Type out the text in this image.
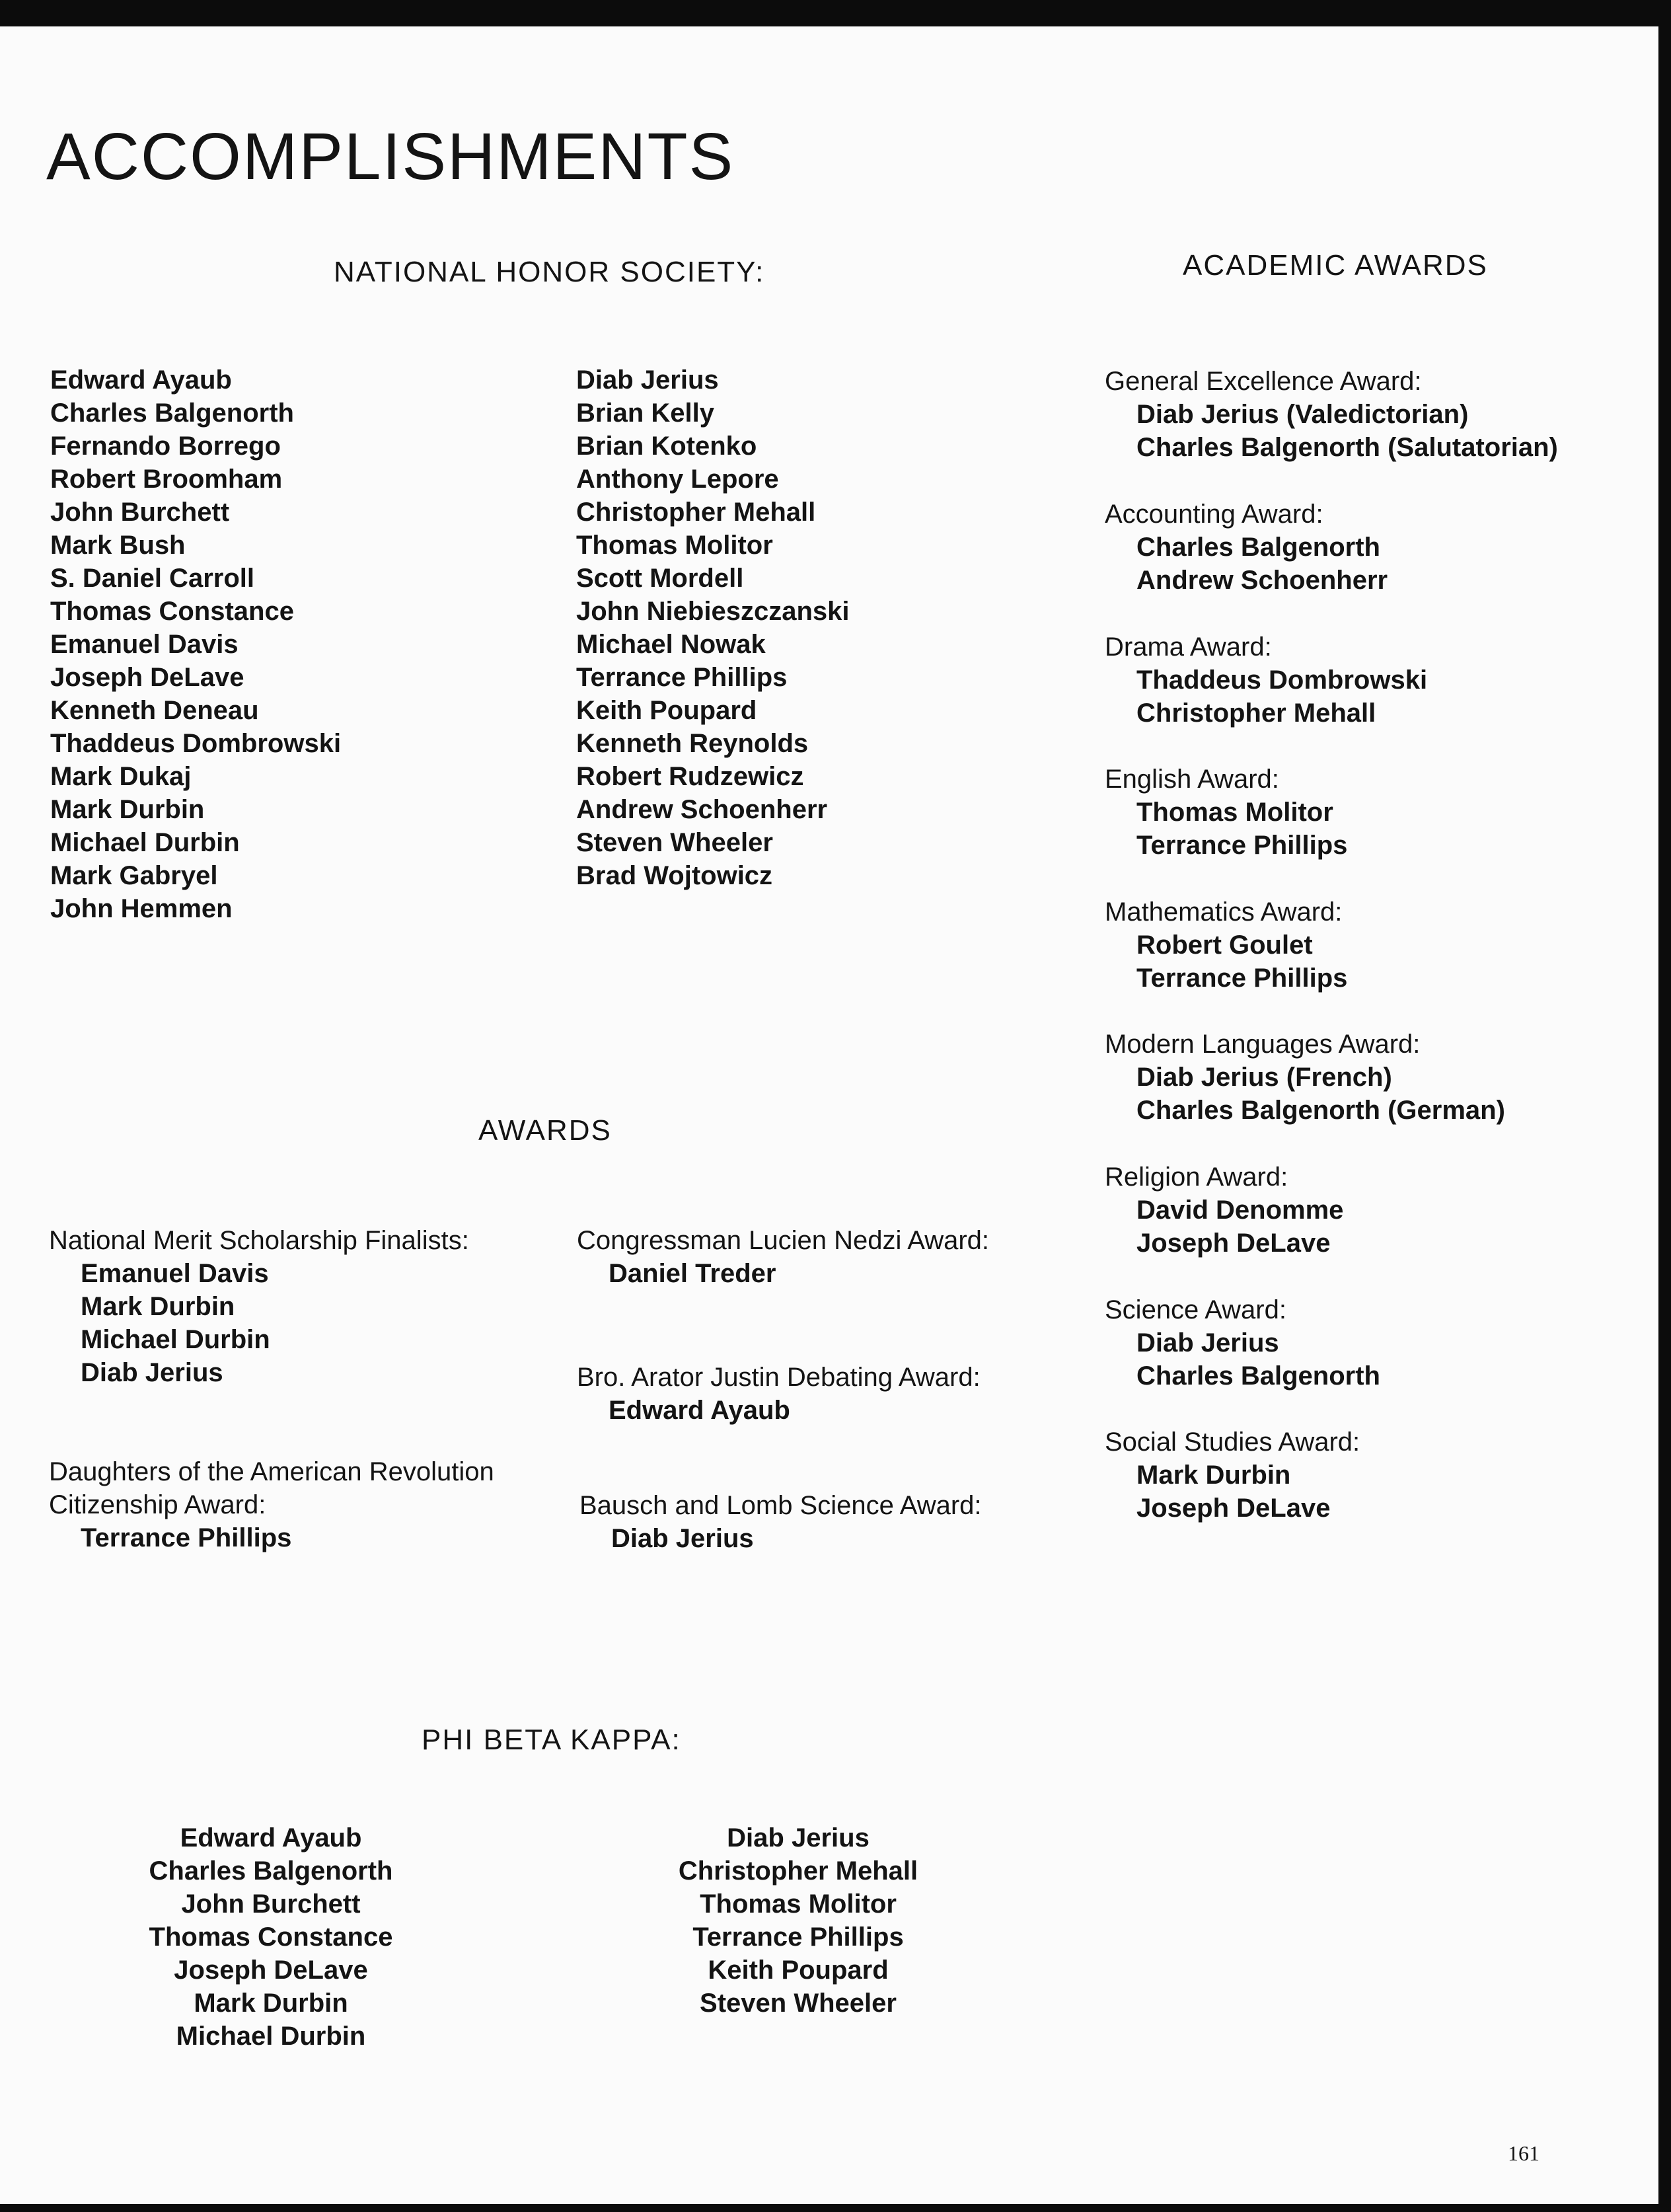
ACCOMPLISHMENTS
NATIONAL HONOR SOCIETY:
Edward Ayaub
Charles Balgenorth
Fernando Borrego
Robert Broomham
John Burchett
Mark Bush
S. Daniel Carroll
Thomas Constance
Emanuel Davis
Joseph DeLave
Kenneth Deneau
Thaddeus Dombrowski
Mark Dukaj
Mark Durbin
Michael Durbin
Mark Gabryel
John Hemmen
Diab Jerius
Brian Kelly
Brian Kotenko
Anthony Lepore
Christopher Mehall
Thomas Molitor
Scott Mordell
John Niebieszczanski
Michael Nowak
Terrance Phillips
Keith Poupard
Kenneth Reynolds
Robert Rudzewicz
Andrew Schoenherr
Steven Wheeler
Brad Wojtowicz
ACADEMIC AWARDS
General Excellence Award:
Diab Jerius (Valedictorian)
Charles Balgenorth (Salutatorian)
Accounting Award:
Charles Balgenorth
Andrew Schoenherr
Drama Award:
Thaddeus Dombrowski
Christopher Mehall
English Award:
Thomas Molitor
Terrance Phillips
Mathematics Award:
Robert Goulet
Terrance Phillips
Modern Languages Award:
Diab Jerius (French)
Charles Balgenorth (German)
Religion Award:
David Denomme
Joseph DeLave
Science Award:
Diab Jerius
Charles Balgenorth
Social Studies Award:
Mark Durbin
Joseph DeLave
AWARDS
National Merit Scholarship Finalists:
Emanuel Davis
Mark Durbin
Michael Durbin
Diab Jerius
Daughters of the American Revolution
Citizenship Award:
Terrance Phillips
Congressman Lucien Nedzi Award:
Daniel Treder
Bro. Arator Justin Debating Award:
Edward Ayaub
Bausch and Lomb Science Award:
Diab Jerius
PHI BETA KAPPA:
Edward Ayaub
Charles Balgenorth
John Burchett
Thomas Constance
Joseph DeLave
Mark Durbin
Michael Durbin
Diab Jerius
Christopher Mehall
Thomas Molitor
Terrance Phillips
Keith Poupard
Steven Wheeler
161
